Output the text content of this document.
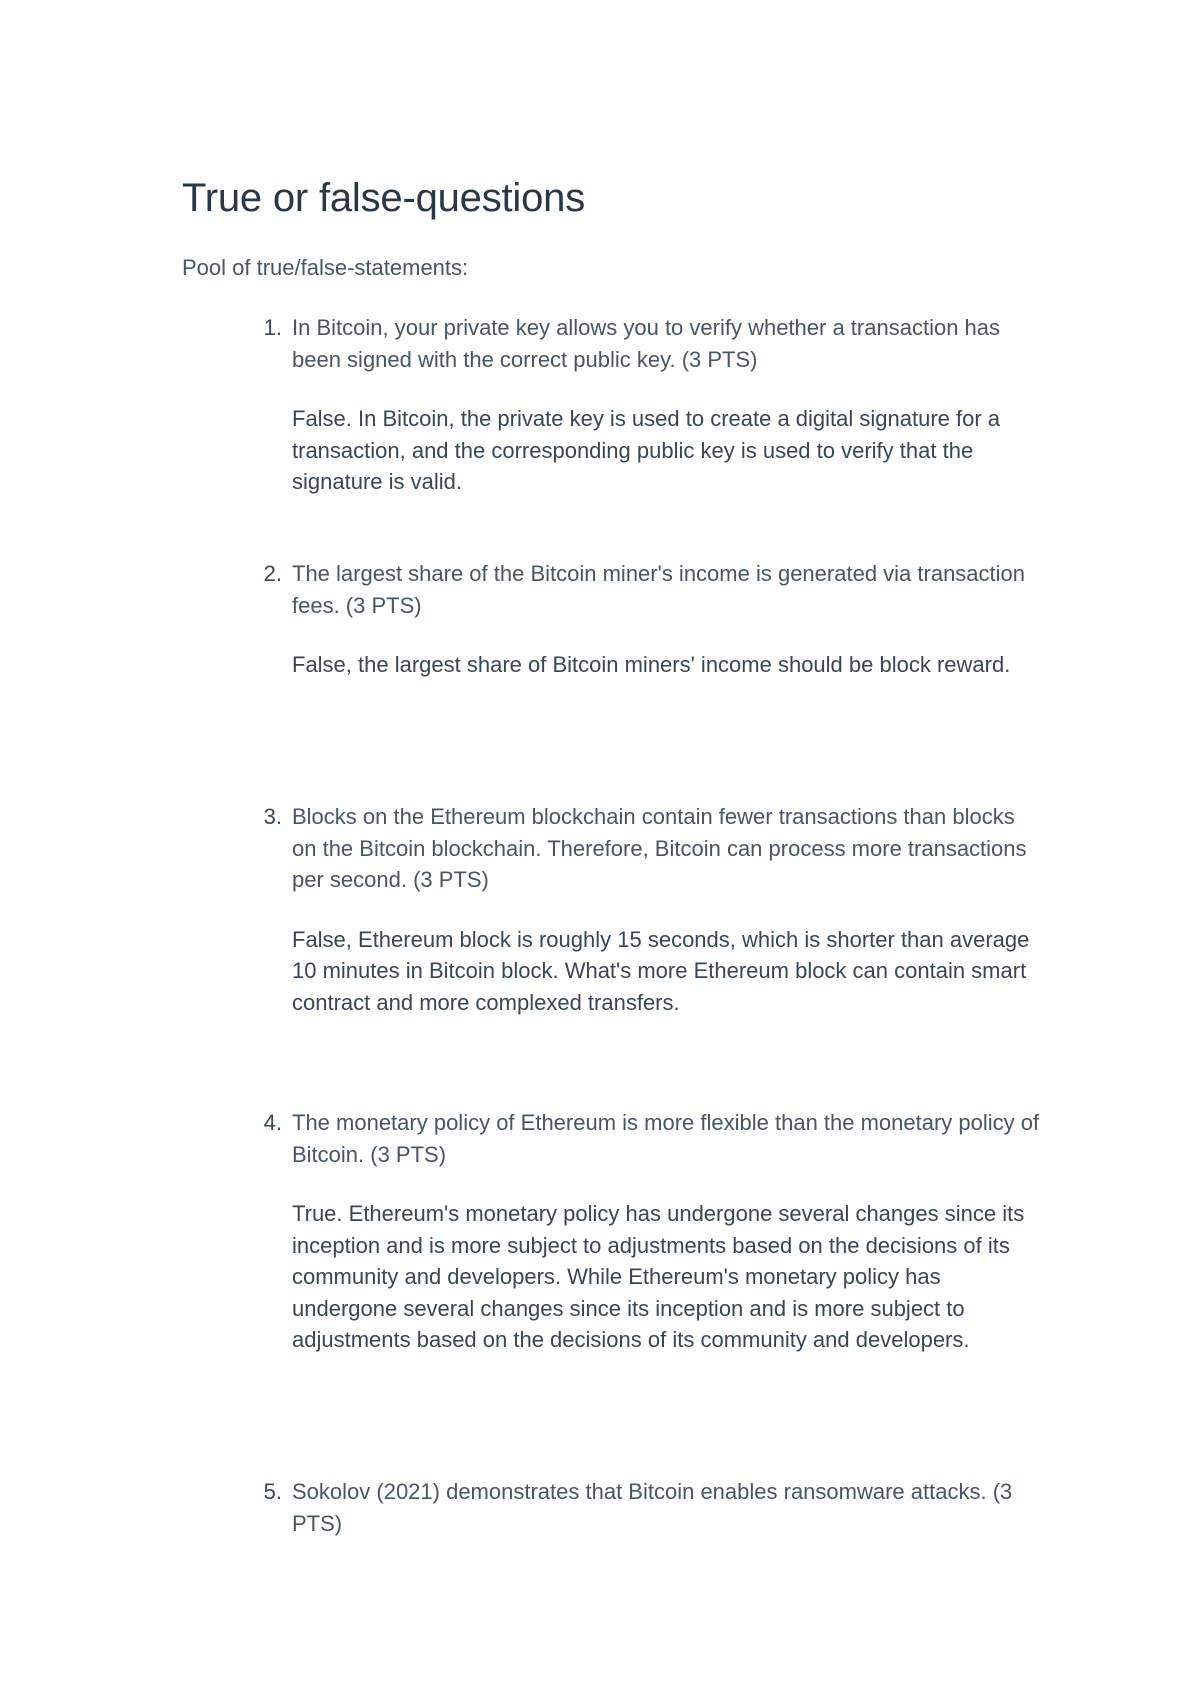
True or false-questions

Pool of true/false-statements:

1. In Bitcoin, your private key allows you to verify whether a transaction has been signed with the correct public key. (3 PTS)

False. In Bitcoin, the private key is used to create a digital signature for a transaction, and the corresponding public key is used to verify that the signature is valid.

2. The largest share of the Bitcoin miner's income is generated via transaction fees. (3 PTS)

False, the largest share of Bitcoin miners' income should be block reward.

3. Blocks on the Ethereum blockchain contain fewer transactions than blocks on the Bitcoin blockchain. Therefore, Bitcoin can process more transactions per second. (3 PTS)

False, Ethereum block is roughly 15 seconds, which is shorter than average 10 minutes in Bitcoin block. What's more Ethereum block can contain smart contract and more complexed transfers.

4. The monetary policy of Ethereum is more flexible than the monetary policy of Bitcoin. (3 PTS)

True. Ethereum's monetary policy has undergone several changes since its inception and is more subject to adjustments based on the decisions of its community and developers. While Ethereum's monetary policy has undergone several changes since its inception and is more subject to adjustments based on the decisions of its community and developers.

5. Sokolov (2021) demonstrates that Bitcoin enables ransomware attacks. (3 PTS)
